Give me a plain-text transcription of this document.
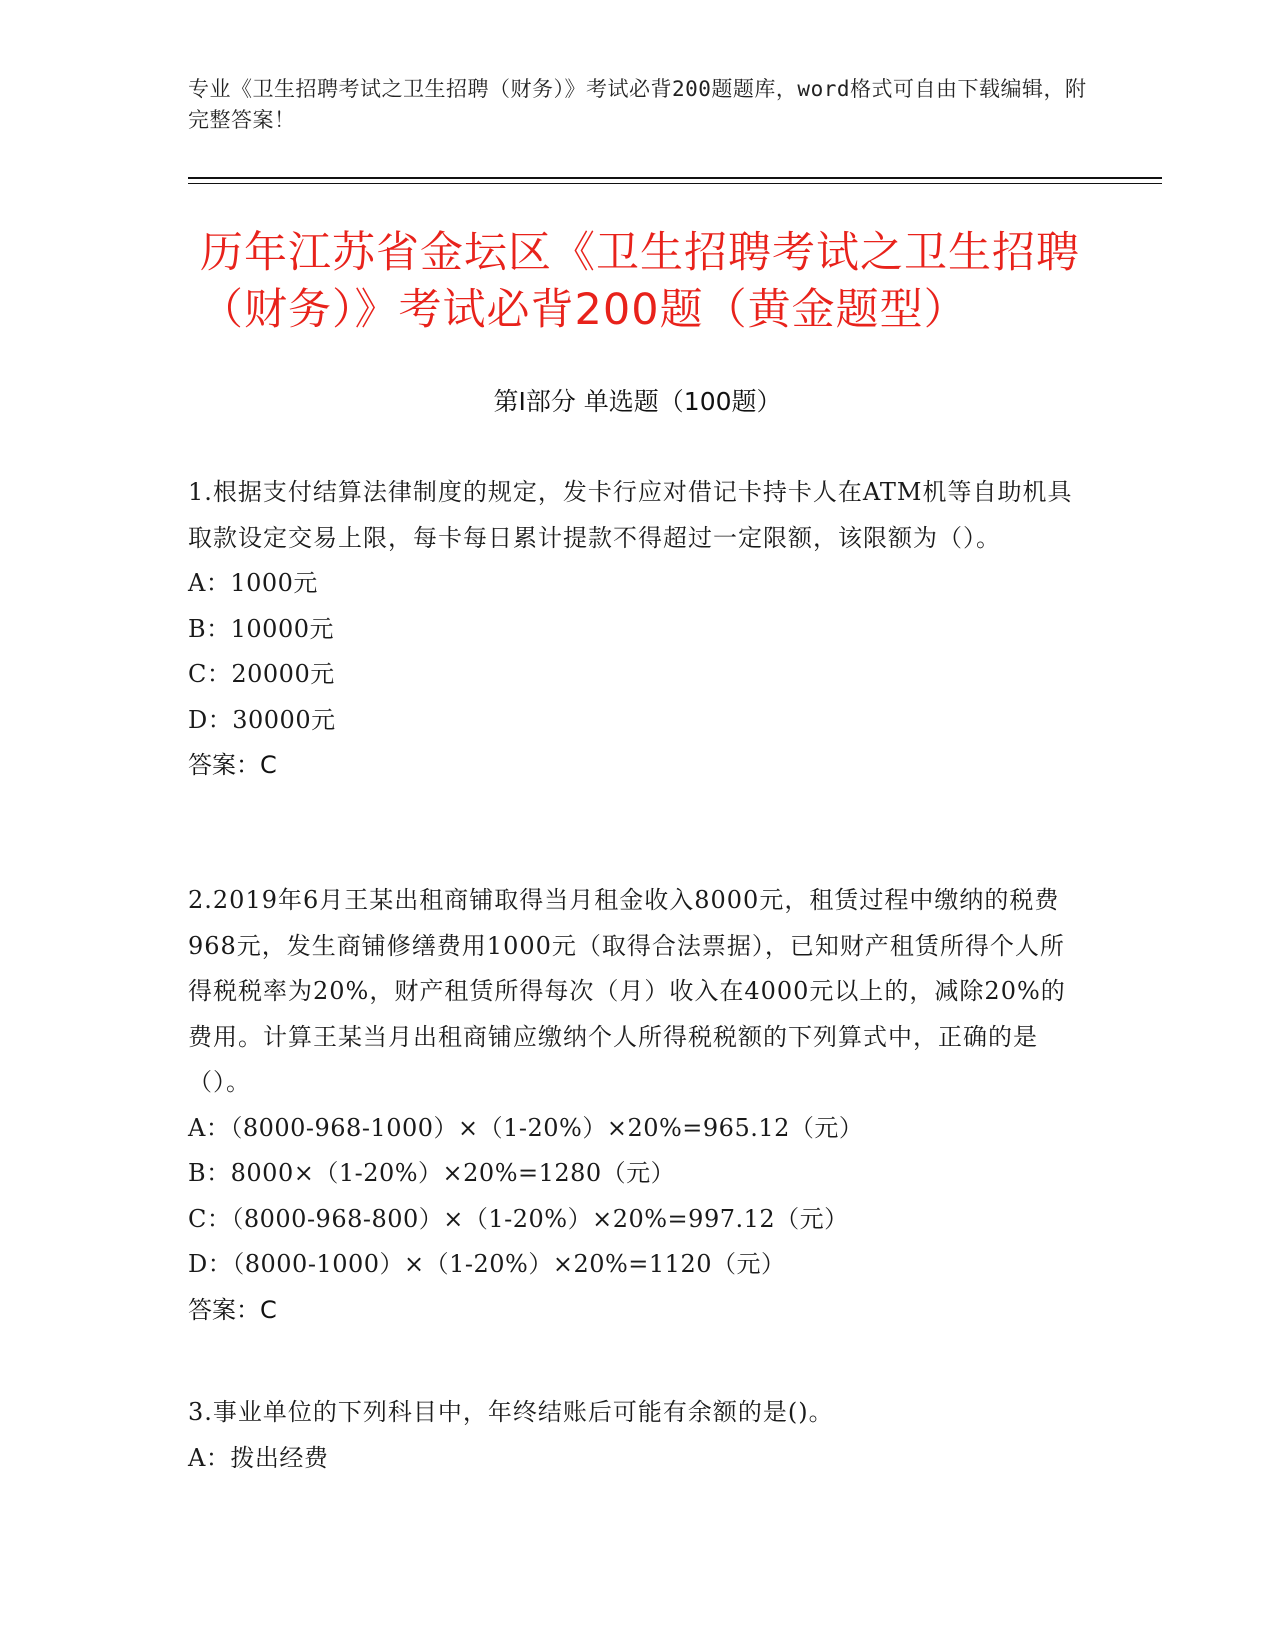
专业《卫生招聘考试之卫生招聘（财务）》考试必背200题题库，word格式可自由下载编辑，附完整答案！
历年江苏省金坛区《卫生招聘考试之卫生招聘（财务）》考试必背200题（黄金题型）
第I部分 单选题（100题）
1.根据支付结算法律制度的规定，发卡行应对借记卡持卡人在ATM机等自助机具取款设定交易上限，每卡每日累计提款不得超过一定限额，该限额为（）。
A：1000元
B：10000元
C：20000元
D：30000元
答案：C
2.2019年6月王某出租商铺取得当月租金收入8000元，租赁过程中缴纳的税费968元，发生商铺修缮费用1000元（取得合法票据），已知财产租赁所得个人所得税税率为20%，财产租赁所得每次（月）收入在4000元以上的，减除20%的费用。计算王某当月出租商铺应缴纳个人所得税税额的下列算式中，正确的是（）。
A：（8000-968-1000）×（1-20%）×20%=965.12（元）
B：8000×（1-20%）×20%=1280（元）
C：（8000-968-800）×（1-20%）×20%=997.12（元）
D：（8000-1000）×（1-20%）×20%=1120（元）
答案：C
3.事业单位的下列科目中，年终结账后可能有余额的是()。
A：拨出经费
